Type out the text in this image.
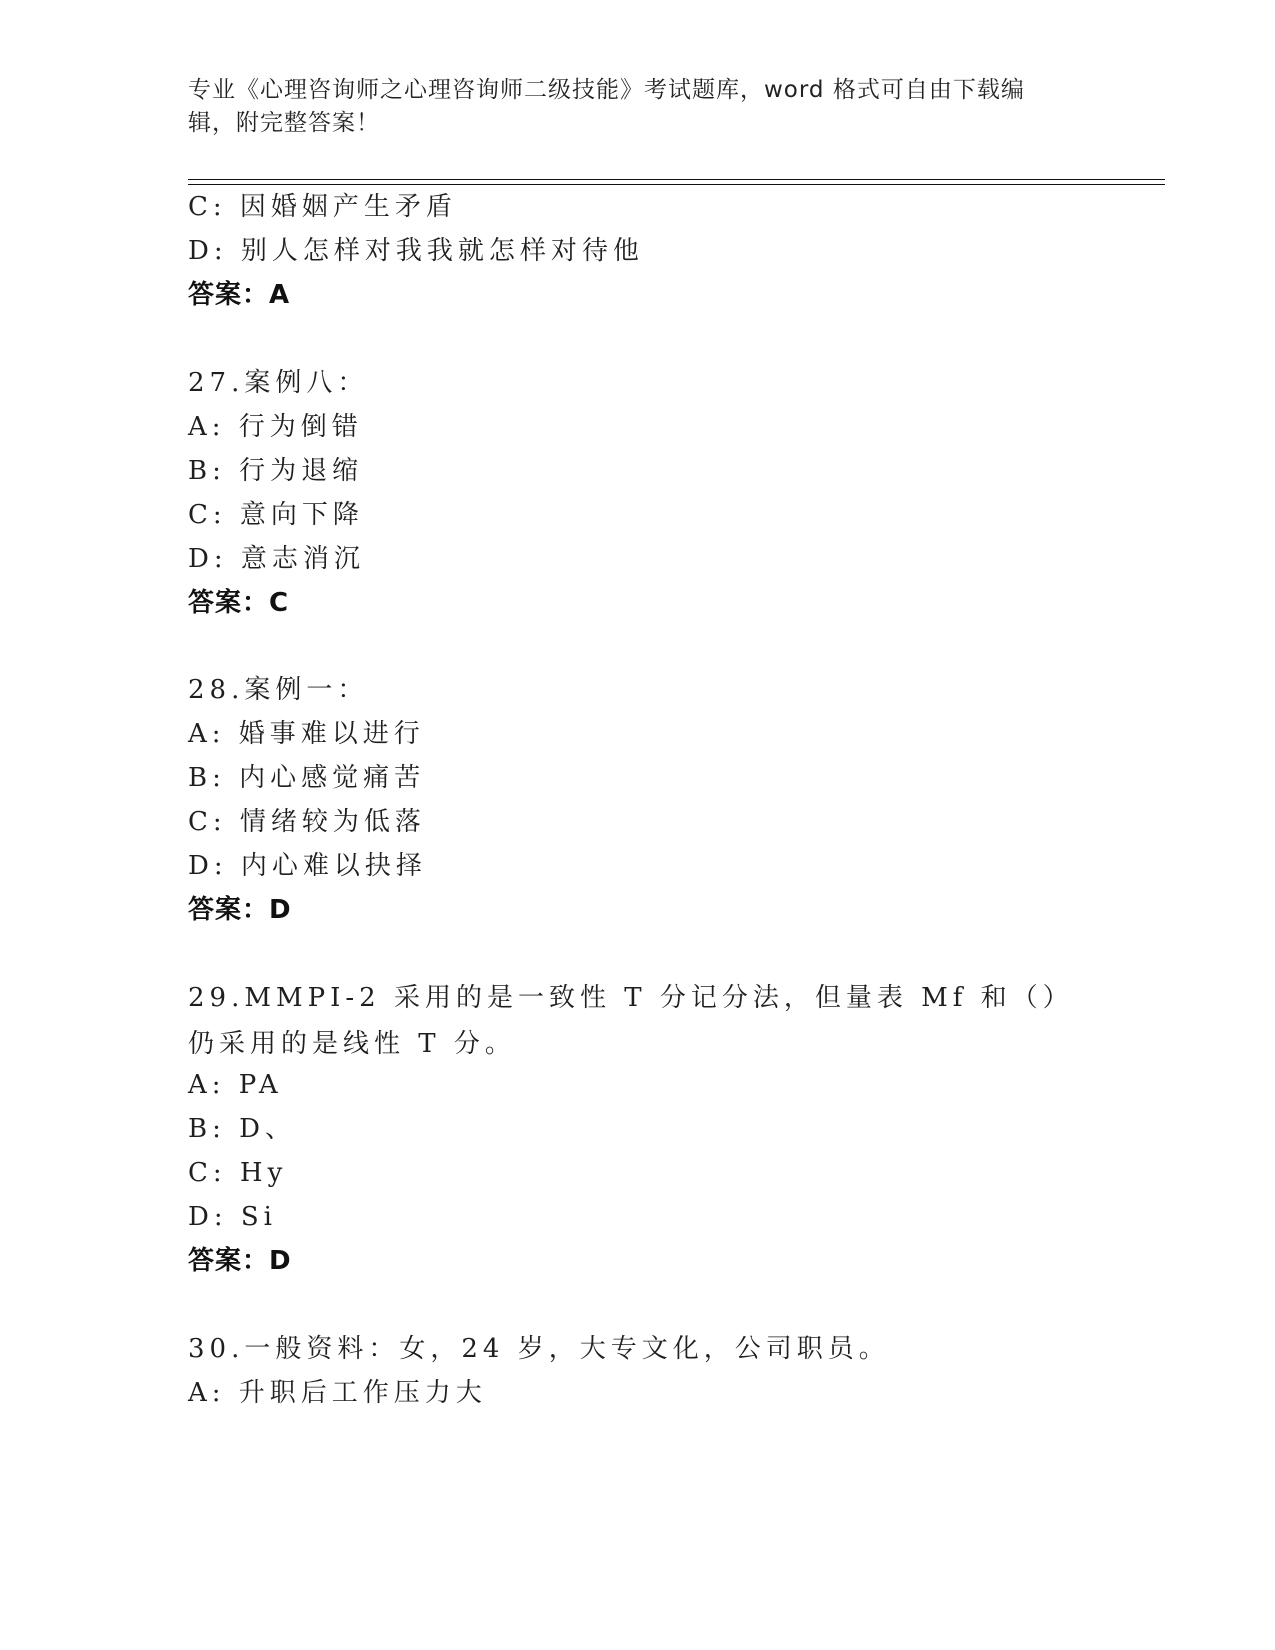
专业《心理咨询师之心理咨询师二级技能》考试题库，word 格式可自由下载编辑，附完整答案！
C: 因婚姻产生矛盾
D: 别人怎样对我我就怎样对待他
答案：A
27.案例八：
A: 行为倒错
B: 行为退缩
C: 意向下降
D: 意志消沉
答案：C
28.案例一：
A: 婚事难以进行
B: 内心感觉痛苦
C: 情绪较为低落
D: 内心难以抉择
答案：D
29.MMPI-2 采用的是一致性 T 分记分法，但量表 Mf 和（）仍采用的是线性 T 分。
A: PA
B: D、
C: Hy
D: Si
答案：D
30.一般资料：女，24 岁，大专文化，公司职员。
A: 升职后工作压力大
